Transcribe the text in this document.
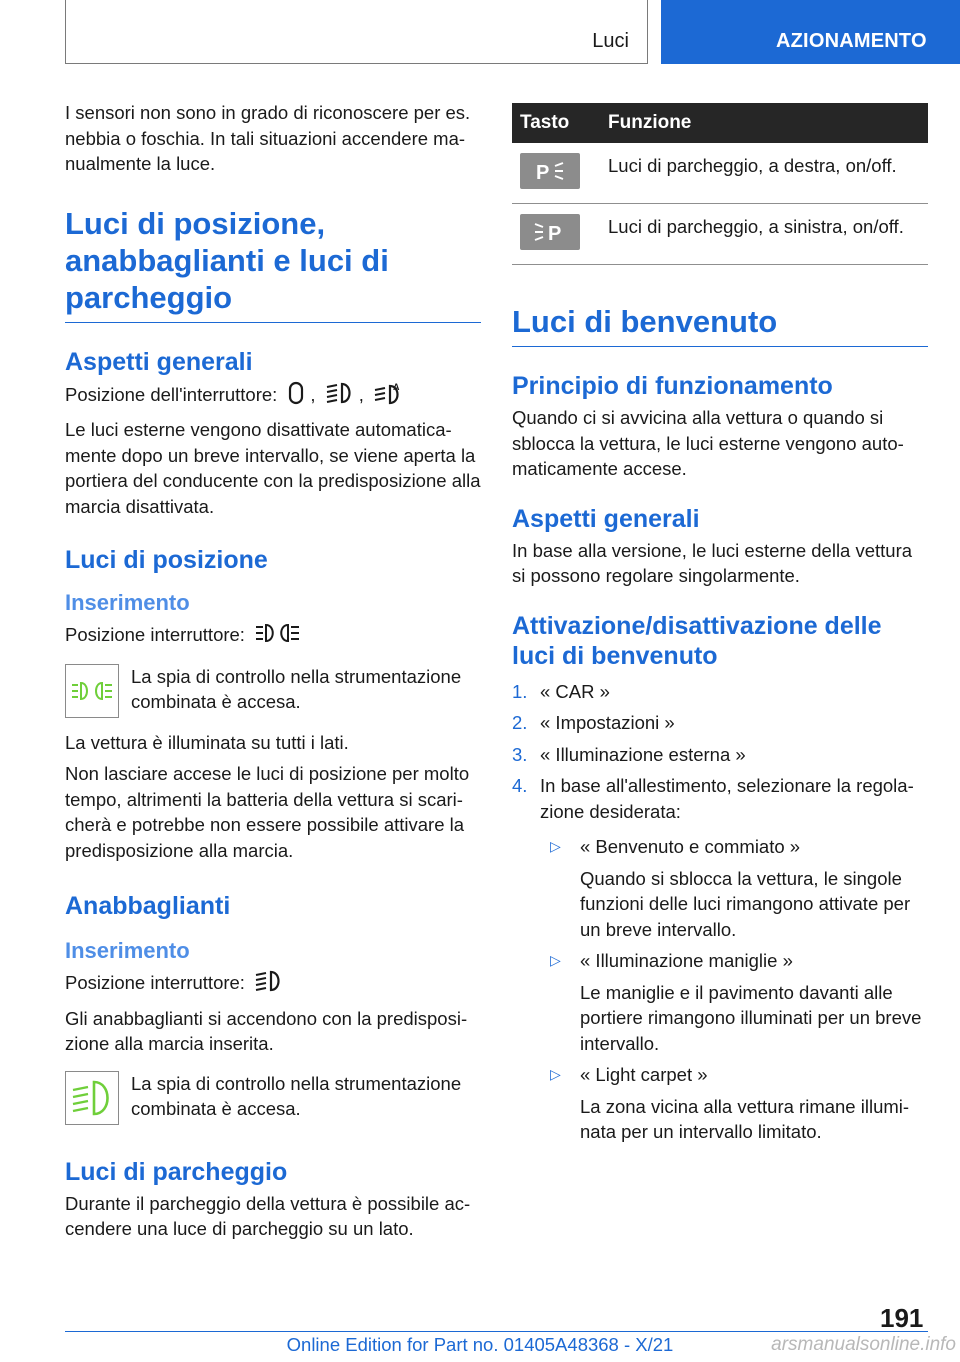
Luci	AZIONAMENTO

I sensori non sono in grado di riconoscere per es. nebbia o foschia. In tali situazioni accendere manualmente la luce.

Luci di posizione, anabbaglianti e luci di parcheggio
Aspetti generali

Posizione dell'interruttore: , ,	A

Le luci esterne vengono disattivate automaticamente dopo un breve intervallo, se viene aperta la portiera del conducente con la predisposizione alla marcia disattivata.

Luci di posizione
Inserimento

Posizione interruttore:

La spia di controllo nella strumentazione combinata è accesa.

La vettura è illuminata su tutti i lati.

Non lasciare accese le luci di posizione per molto tempo, altrimenti la batteria della vettura si scaricherà e potrebbe non essere possibile attivare la predisposizione alla marcia.

Anabbaglianti
Inserimento

Posizione interruttore:

Gli anabbaglianti si accendono con la predisposizione alla marcia inserita.

La spia di controllo nella strumentazione combinata è accesa.

Luci di parcheggio

Durante il parcheggio della vettura è possibile accendere una luce di parcheggio su un lato.

Tasto	Funzione

P	Luci di parcheggio, a destra, on/off.

P	Luci di parcheggio, a sinistra, on/off.
Luci di benvenuto
Principio di funzionamento

Quando ci si avvicina alla vettura o quando si sblocca la vettura, le luci esterne vengono automaticamente accese.

Aspetti generali

In base alla versione, le luci esterne della vettura si possono regolare singolarmente.

Attivazione/disattivazione delle luci di benvenuto
1. « CAR »
2. « Impostazioni »
3. « Illuminazione esterna »
4. In base all'allestimento, selezionare la regolazione desiderata:
▷	« Benvenuto e commiato »
Quando si sblocca la vettura, le singole funzioni delle luci rimangono attivate per un breve intervallo.
▷	« Illuminazione maniglie »
Le maniglie e il pavimento davanti alle portiere rimangono illuminati per un breve intervallo.
▷	« Light carpet »
La zona vicina alla vettura rimane illuminata per un intervallo limitato.
191
Online Edition for Part no. 01405A48368 - X/21	arsmanualsonline.info
